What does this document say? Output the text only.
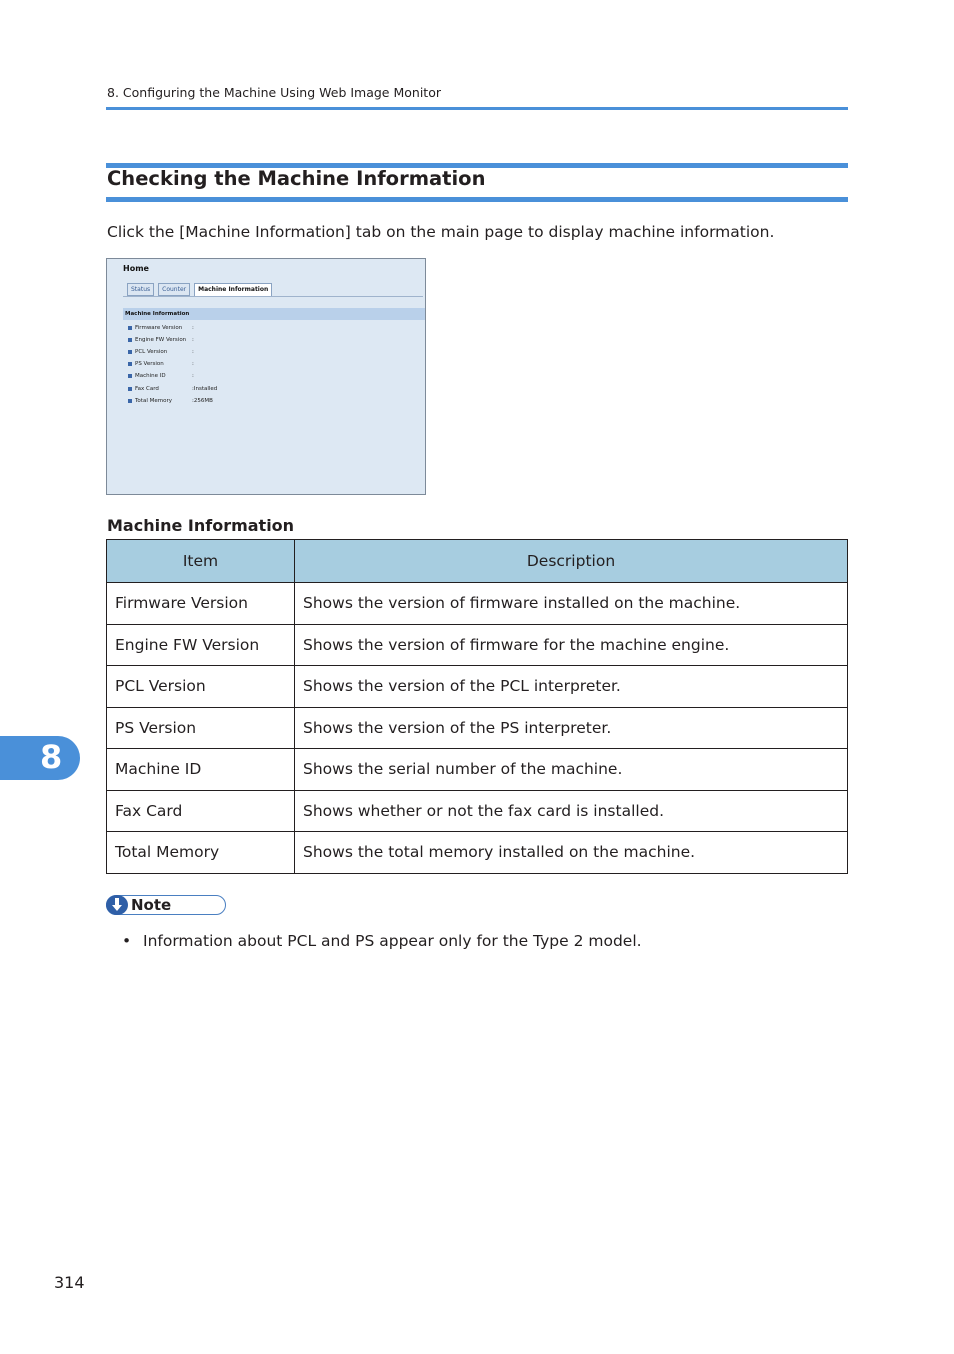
8. Configuring the Machine Using Web Image Monitor
Checking the Machine Information
Click the [Machine Information] tab on the main page to display machine information.
Home
Status	Counter	Machine Information
Machine Information
Firmware Version	:
Engine FW Version	:
PCL Version	:
PS Version	:
Machine ID	:
Fax Card	:Installed
Total Memory	:256MB
Machine Information
Item	Description
Firmware Version	Shows the version of firmware installed on the machine.
Engine FW Version	Shows the version of firmware for the machine engine.
PCL Version	Shows the version of the PCL interpreter.
PS Version	Shows the version of the PS interpreter.
Machine ID	Shows the serial number of the machine.
Fax Card	Shows whether or not the fax card is installed.
Total Memory	Shows the total memory installed on the machine.
Note
• Information about PCL and PS appear only for the Type 2 model.
8
314
